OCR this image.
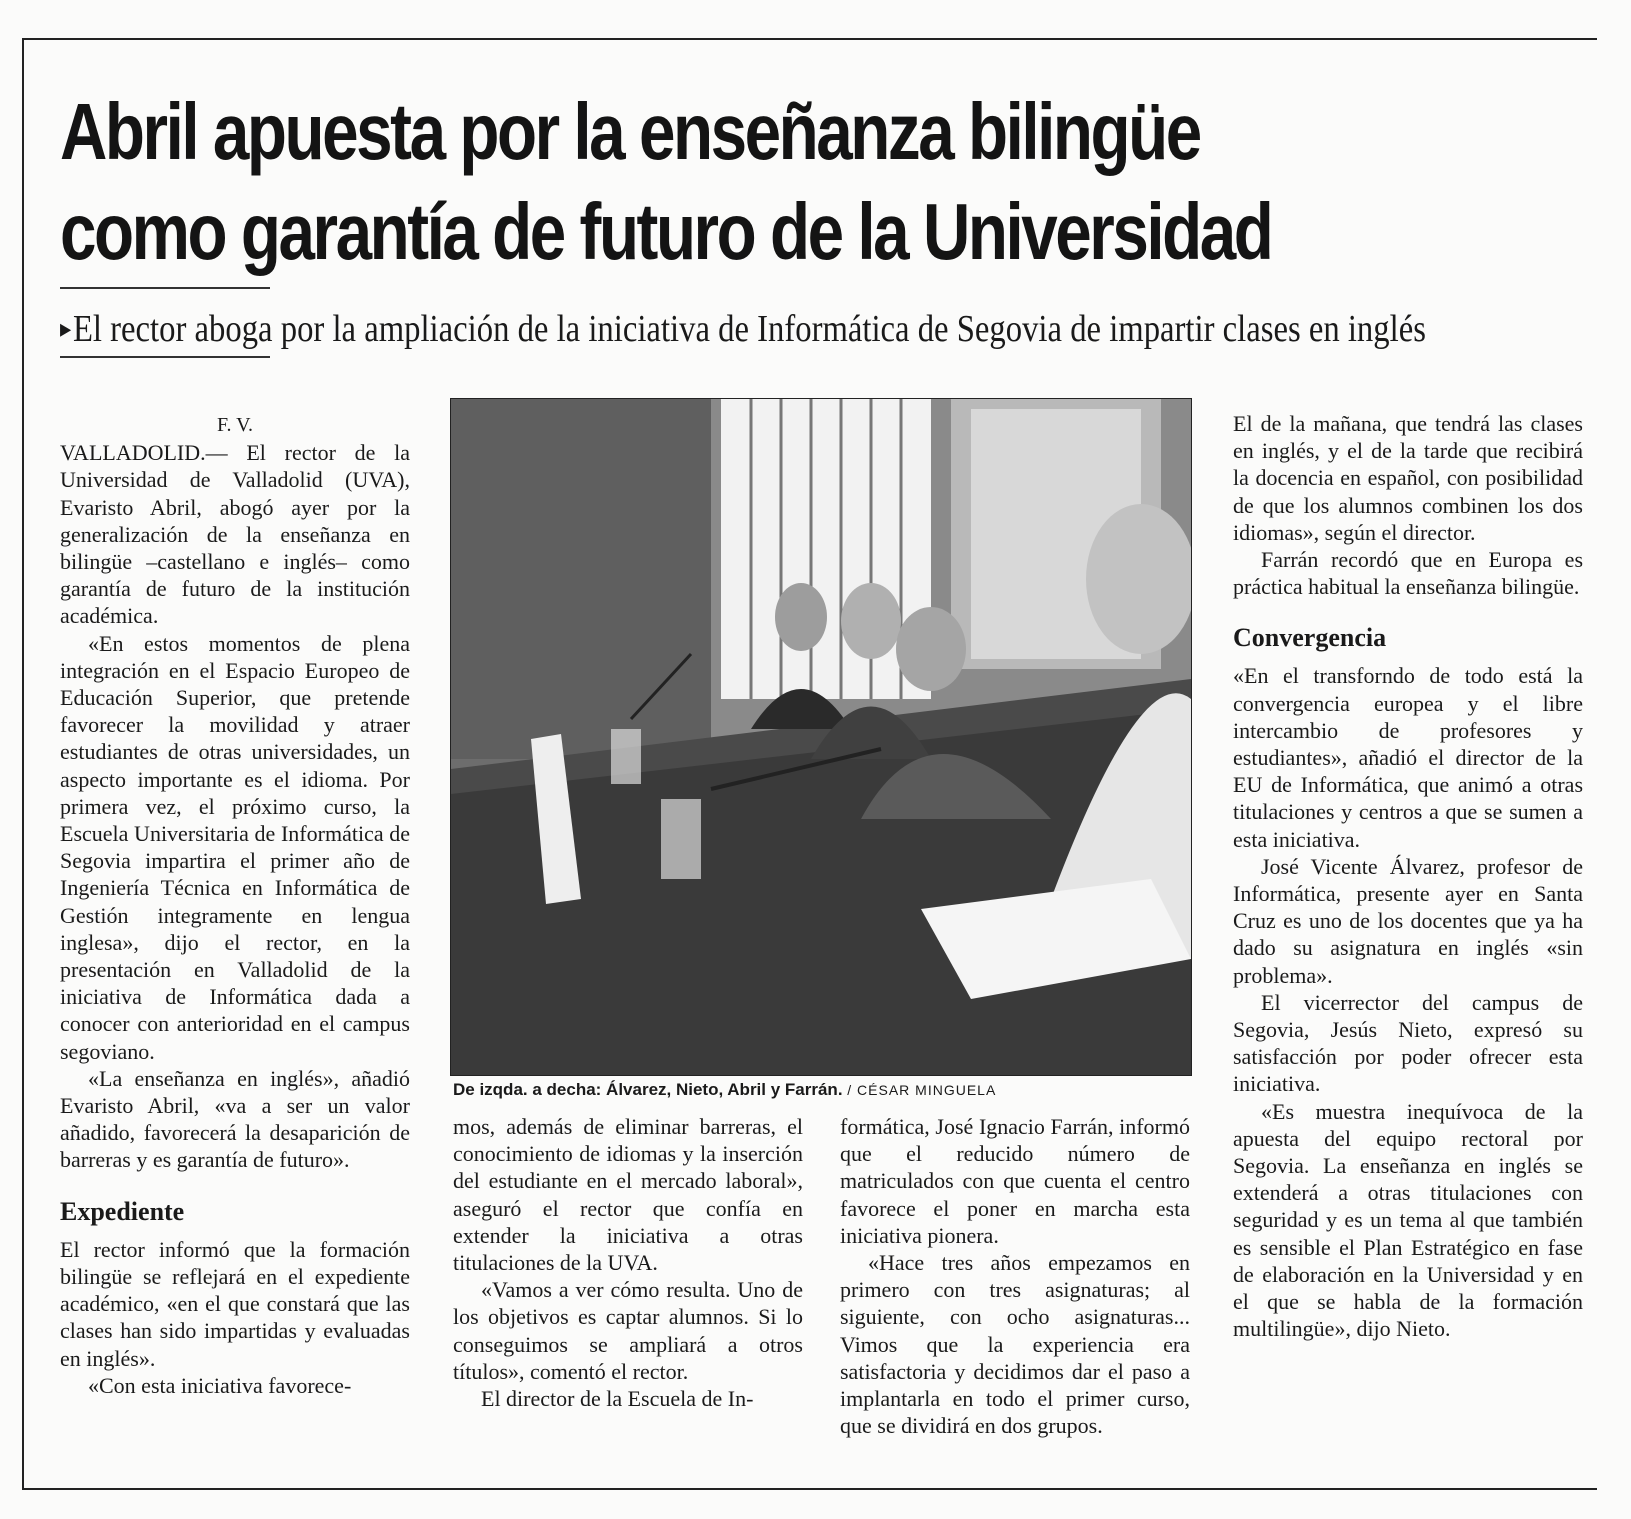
Abril apuesta por la enseñanza bilingüe
como garantía de futuro de la Universidad
▸El rector aboga por la ampliación de la iniciativa de Informática de Segovia de impartir clases en inglés

F. V.

VALLADOLID.— El rector de la Universidad de Valladolid (UVA), Evaristo Abril, abogó ayer por la generalización de la enseñanza en bilingüe –castellano e inglés– como garantía de futuro de la institución académica.

«En estos momentos de plena integración en el Espacio Europeo de Educación Superior, que pretende favorecer la movilidad y atraer estudiantes de otras universidades, un aspecto importante es el idioma. Por primera vez, el próximo curso, la Escuela Universitaria de Informática de Segovia impartira el primer año de Ingeniería Técnica en Informática de Gestión integramente en lengua inglesa», dijo el rector, en la presentación en Valladolid de la iniciativa de Informática dada a conocer con anterioridad en el campus segoviano.

«La enseñanza en inglés», añadió Evaristo Abril, «va a ser un valor añadido, favorecerá la desaparición de barreras y es garantía de futuro».

Expediente

El rector informó que la formación bilingüe se reflejará en el expediente académico, «en el que constará que las clases han sido impartidas y evaluadas en inglés».

«Con esta iniciativa favorece-

De izqda. a decha: Álvarez, Nieto, Abril y Farrán. / CÉSAR MINGUELA

mos, además de eliminar barreras, el conocimiento de idiomas y la inserción del estudiante en el mercado laboral», aseguró el rector que confía en extender la iniciativa a otras titulaciones de la UVA.

«Vamos a ver cómo resulta. Uno de los objetivos es captar alumnos. Si lo conseguimos se ampliará a otros títulos», comentó el rector.

El director de la Escuela de In-

formática, José Ignacio Farrán, informó que el reducido número de matriculados con que cuenta el centro favorece el poner en marcha esta iniciativa pionera.

«Hace tres años empezamos en primero con tres asignaturas; al siguiente, con ocho asignaturas... Vimos que la experiencia era satisfactoria y decidimos dar el paso a implantarla en todo el primer curso, que se dividirá en dos grupos.

El de la mañana, que tendrá las clases en inglés, y el de la tarde que recibirá la docencia en español, con posibilidad de que los alumnos combinen los dos idiomas», según el director.

Farrán recordó que en Europa es práctica habitual la enseñanza bilingüe.

Convergencia

«En el transforndo de todo está la convergencia europea y el libre intercambio de profesores y estudiantes», añadió el director de la EU de Informática, que animó a otras titulaciones y centros a que se sumen a esta iniciativa.

José Vicente Álvarez, profesor de Informática, presente ayer en Santa Cruz es uno de los docentes que ya ha dado su asignatura en inglés «sin problema».

El vicerrector del campus de Segovia, Jesús Nieto, expresó su satisfacción por poder ofrecer esta iniciativa.

«Es muestra inequívoca de la apuesta del equipo rectoral por Segovia. La enseñanza en inglés se extenderá a otras titulaciones con seguridad y es un tema al que también es sensible el Plan Estratégico en fase de elaboración en la Universidad y en el que se habla de la formación multilingüe», dijo Nieto.
